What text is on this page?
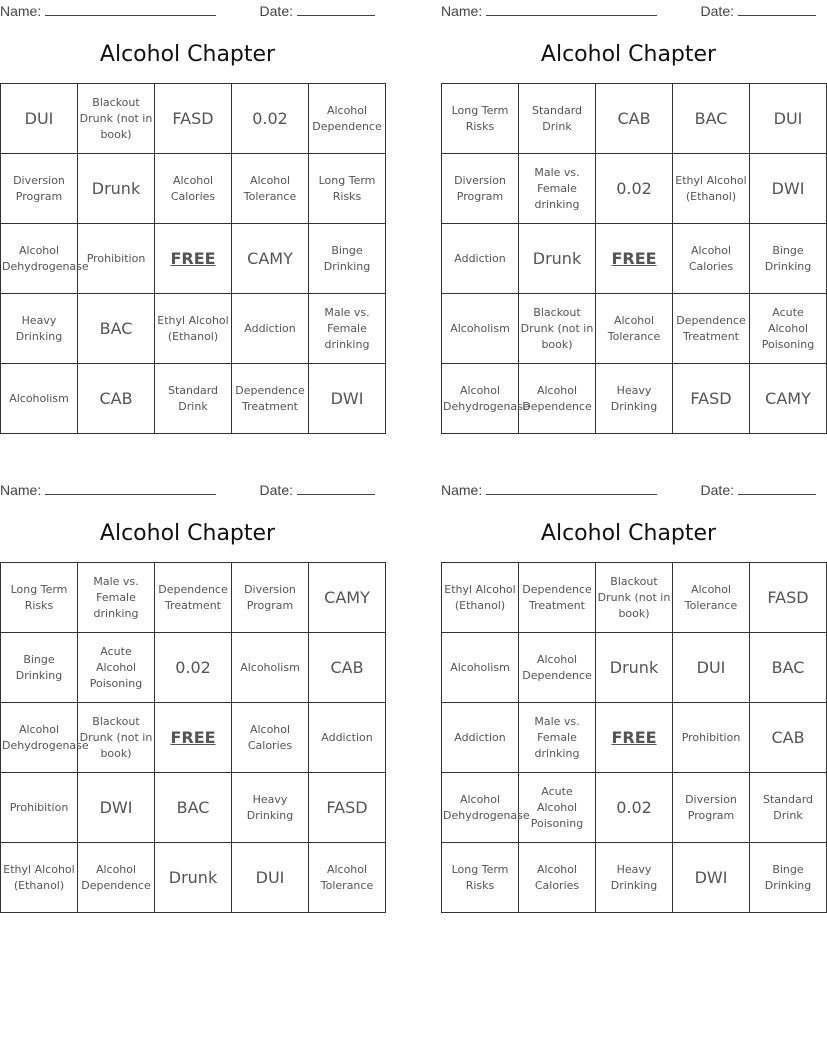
Name:	Date:
Alcohol Chapter
DUI	Blackout Drunk (not in book)	FASD	0.02	Alcohol Dependence
Diversion Program	Drunk	Alcohol Calories	Alcohol Tolerance	Long Term Risks
Alcohol Dehydrogenase	Prohibition	FREE	CAMY	Binge Drinking
Heavy Drinking	BAC	Ethyl Alcohol (Ethanol)	Addiction	Male vs. Female drinking
Alcoholism	CAB	Standard Drink	Dependence Treatment	DWI
Name:	Date:
Alcohol Chapter
Long Term Risks	Standard Drink	CAB	BAC	DUI
Diversion Program	Male vs. Female drinking	0.02	Ethyl Alcohol (Ethanol)	DWI
Addiction	Drunk	FREE	Alcohol Calories	Binge Drinking
Alcoholism	Blackout Drunk (not in book)	Alcohol Tolerance	Dependence Treatment	Acute Alcohol Poisoning
Alcohol Dehydrogenase	Alcohol Dependence	Heavy Drinking	FASD	CAMY
Name:	Date:
Alcohol Chapter
Long Term Risks	Male vs. Female drinking	Dependence Treatment	Diversion Program	CAMY
Binge Drinking	Acute Alcohol Poisoning	0.02	Alcoholism	CAB
Alcohol Dehydrogenase	Blackout Drunk (not in book)	FREE	Alcohol Calories	Addiction
Prohibition	DWI	BAC	Heavy Drinking	FASD
Ethyl Alcohol (Ethanol)	Alcohol Dependence	Drunk	DUI	Alcohol Tolerance
Name:	Date:
Alcohol Chapter
Ethyl Alcohol (Ethanol)	Dependence Treatment	Blackout Drunk (not in book)	Alcohol Tolerance	FASD
Alcoholism	Alcohol Dependence	Drunk	DUI	BAC
Addiction	Male vs. Female drinking	FREE	Prohibition	CAB
Alcohol Dehydrogenase	Acute Alcohol Poisoning	0.02	Diversion Program	Standard Drink
Long Term Risks	Alcohol Calories	Heavy Drinking	DWI	Binge Drinking
